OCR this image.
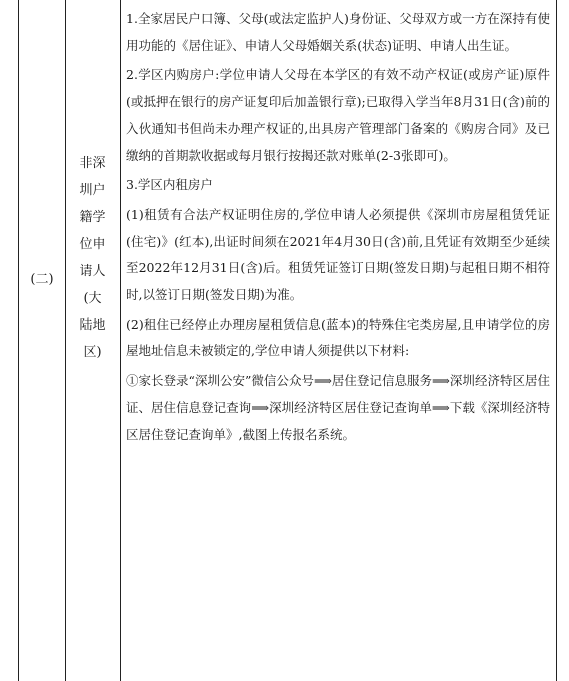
(二)
非深
圳户
籍学
位申
请人
(大
陆地
区)

1.全家居民户口簿、父母(或法定监护人)身份证、父母双方或一方在深持有使用功能的《居住证》、申请人父母婚姻关系(状态)证明、申请人出生证。

2.学区内购房户:学位申请人父母在本学区的有效不动产权证(或房产证)原件(或抵押在银行的房产证复印后加盖银行章);已取得入学当年8月31日(含)前的入伙通知书但尚未办理产权证的,出具房产管理部门备案的《购房合同》及已缴纳的首期款收据或每月银行按揭还款对账单(2-3张即可)。

3.学区内租房户

(1)租赁有合法产权证明住房的,学位申请人必须提供《深圳市房屋租赁凭证(住宅)》(红本),出证时间须在2021年4月30日(含)前,且凭证有效期至少延续至2022年12月31日(含)后。租赁凭证签订日期(签发日期)与起租日期不相符时,以签订日期(签发日期)为准。

(2)租住已经停止办理房屋租赁信息(蓝本)的特殊住宅类房屋,且申请学位的房屋地址信息未被锁定的,学位申请人须提供以下材料:

①家长登录“深圳公安”微信公众号⟹居住登记信息服务⟹深圳经济特区居住证、居住信息登记查询⟹深圳经济特区居住登记查询单⟹下载《深圳经济特区居住登记查询单》,截图上传报名系统。
